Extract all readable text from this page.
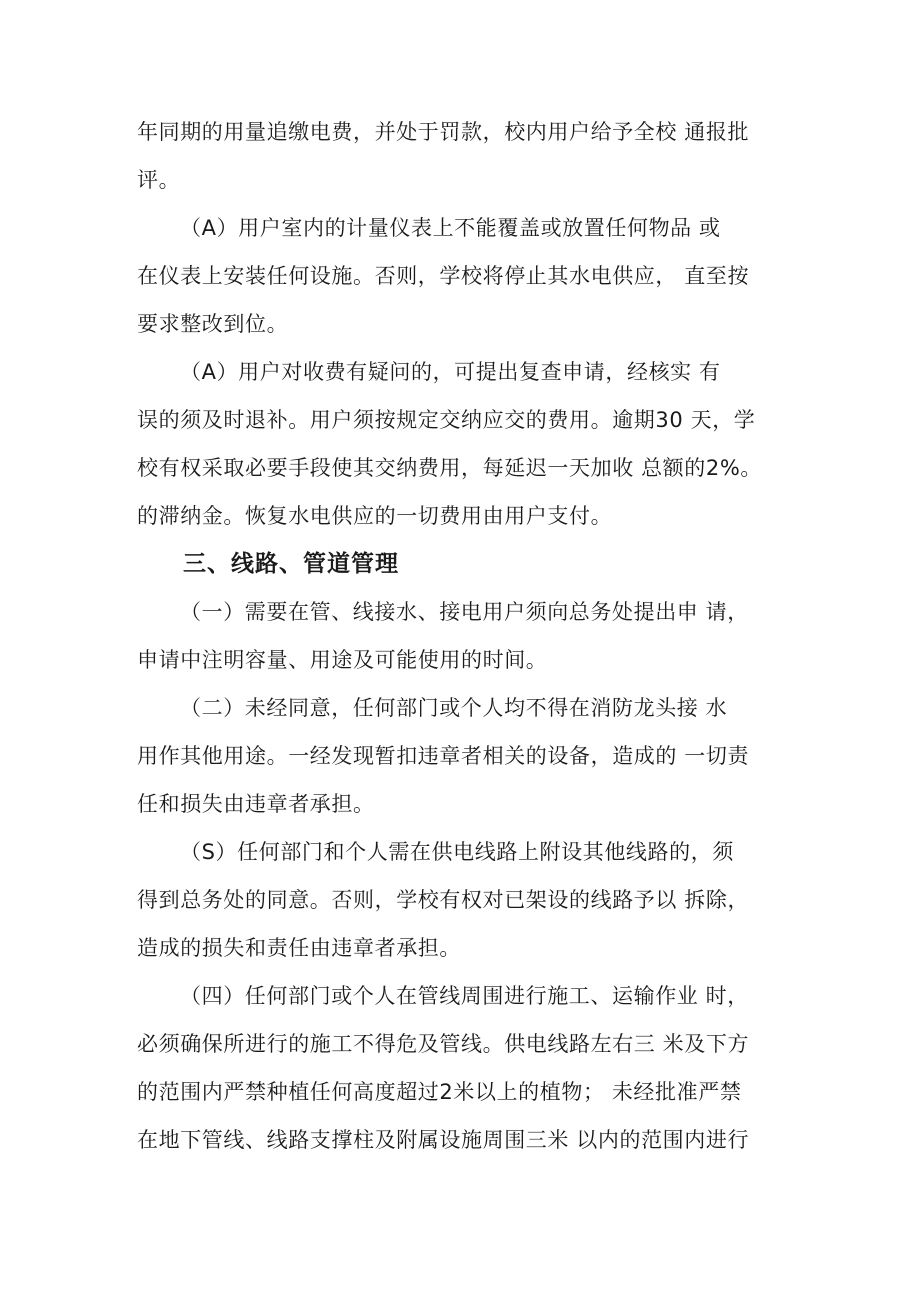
年同期的用量追缴电费，并处于罚款，校内用户给予全校 通报批
评。
（A）用户室内的计量仪表上不能覆盖或放置任何物品 或
在仪表上安装任何设施。否则，学校将停止其水电供应， 直至按
要求整改到位。
（A）用户对收费有疑问的，可提出复查申请，经核实 有
误的须及时退补。用户须按规定交纳应交的费用。逾期30 天，学
校有权采取必要手段使其交纳费用，每延迟一天加收 总额的2%。
的滞纳金。恢复水电供应的一切费用由用户支付。
三、线路、管道管理
（一）需要在管、线接水、接电用户须向总务处提出申 请，
申请中注明容量、用途及可能使用的时间。
（二）未经同意，任何部门或个人均不得在消防龙头接 水
用作其他用途。一经发现暂扣违章者相关的设备，造成的 一切责
任和损失由违章者承担。
（S）任何部门和个人需在供电线路上附设其他线路的，须
得到总务处的同意。否则，学校有权对已架设的线路予以 拆除，
造成的损失和责任由违章者承担。
（四）任何部门或个人在管线周围进行施工、运输作业 时，
必须确保所进行的施工不得危及管线。供电线路左右三 米及下方
的范围内严禁种植任何高度超过2米以上的植物； 未经批准严禁
在地下管线、线路支撑柱及附属设施周围三米 以内的范围内进行
